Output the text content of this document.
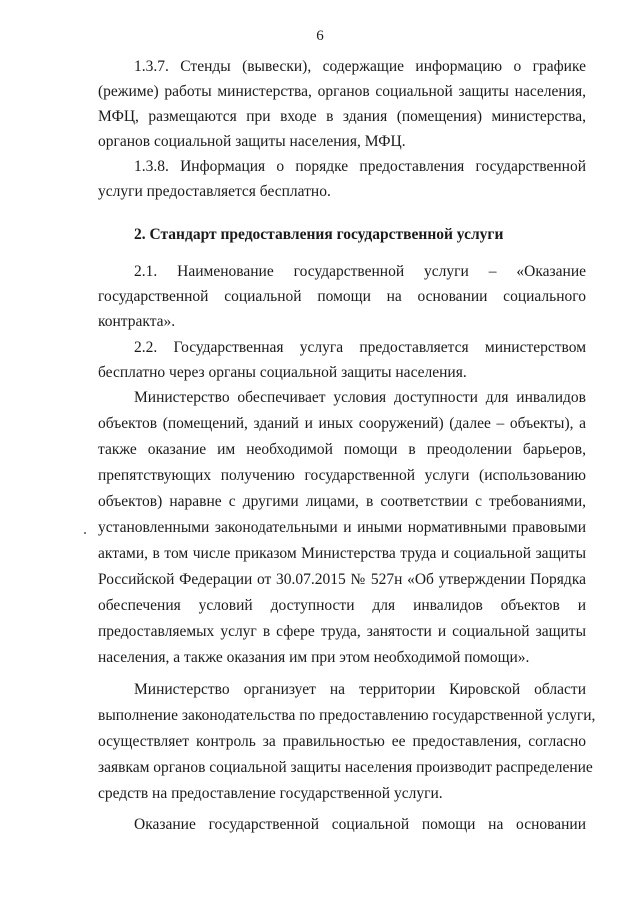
6
1.3.7. Стенды (вывески), содержащие информацию о графике
(режиме) работы министерства, органов социальной защиты населения,
МФЦ, размещаются при входе в здания (помещения) министерства,
органов социальной защиты населения, МФЦ.
1.3.8. Информация о порядке предоставления государственной
услуги предоставляется бесплатно.
2. Стандарт предоставления государственной услуги
2.1. Наименование государственной услуги – «Оказание
государственной социальной помощи на основании социального
контракта».
2.2. Государственная услуга предоставляется министерством
бесплатно через органы социальной защиты населения.
Министерство обеспечивает условия доступности для инвалидов
объектов (помещений, зданий и иных сооружений) (далее – объекты), а
также оказание им необходимой помощи в преодолении барьеров,
препятствующих получению государственной услуги (использованию
объектов) наравне с другими лицами, в соответствии с требованиями,
установленными законодательными и иными нормативными правовыми
актами, в том числе приказом Министерства труда и социальной защиты
Российской Федерации от 30.07.2015 № 527н «Об утверждении Порядка
обеспечения условий доступности для инвалидов объектов и
предоставляемых услуг в сфере труда, занятости и социальной защиты
населения, а также оказания им при этом необходимой помощи».
Министерство организует на территории Кировской области
выполнение законодательства по предоставлению государственной услуги,
осуществляет контроль за правильностью ее предоставления, согласно
заявкам органов социальной защиты населения производит распределение
средств на предоставление государственной услуги.
Оказание государственной социальной помощи на основании
